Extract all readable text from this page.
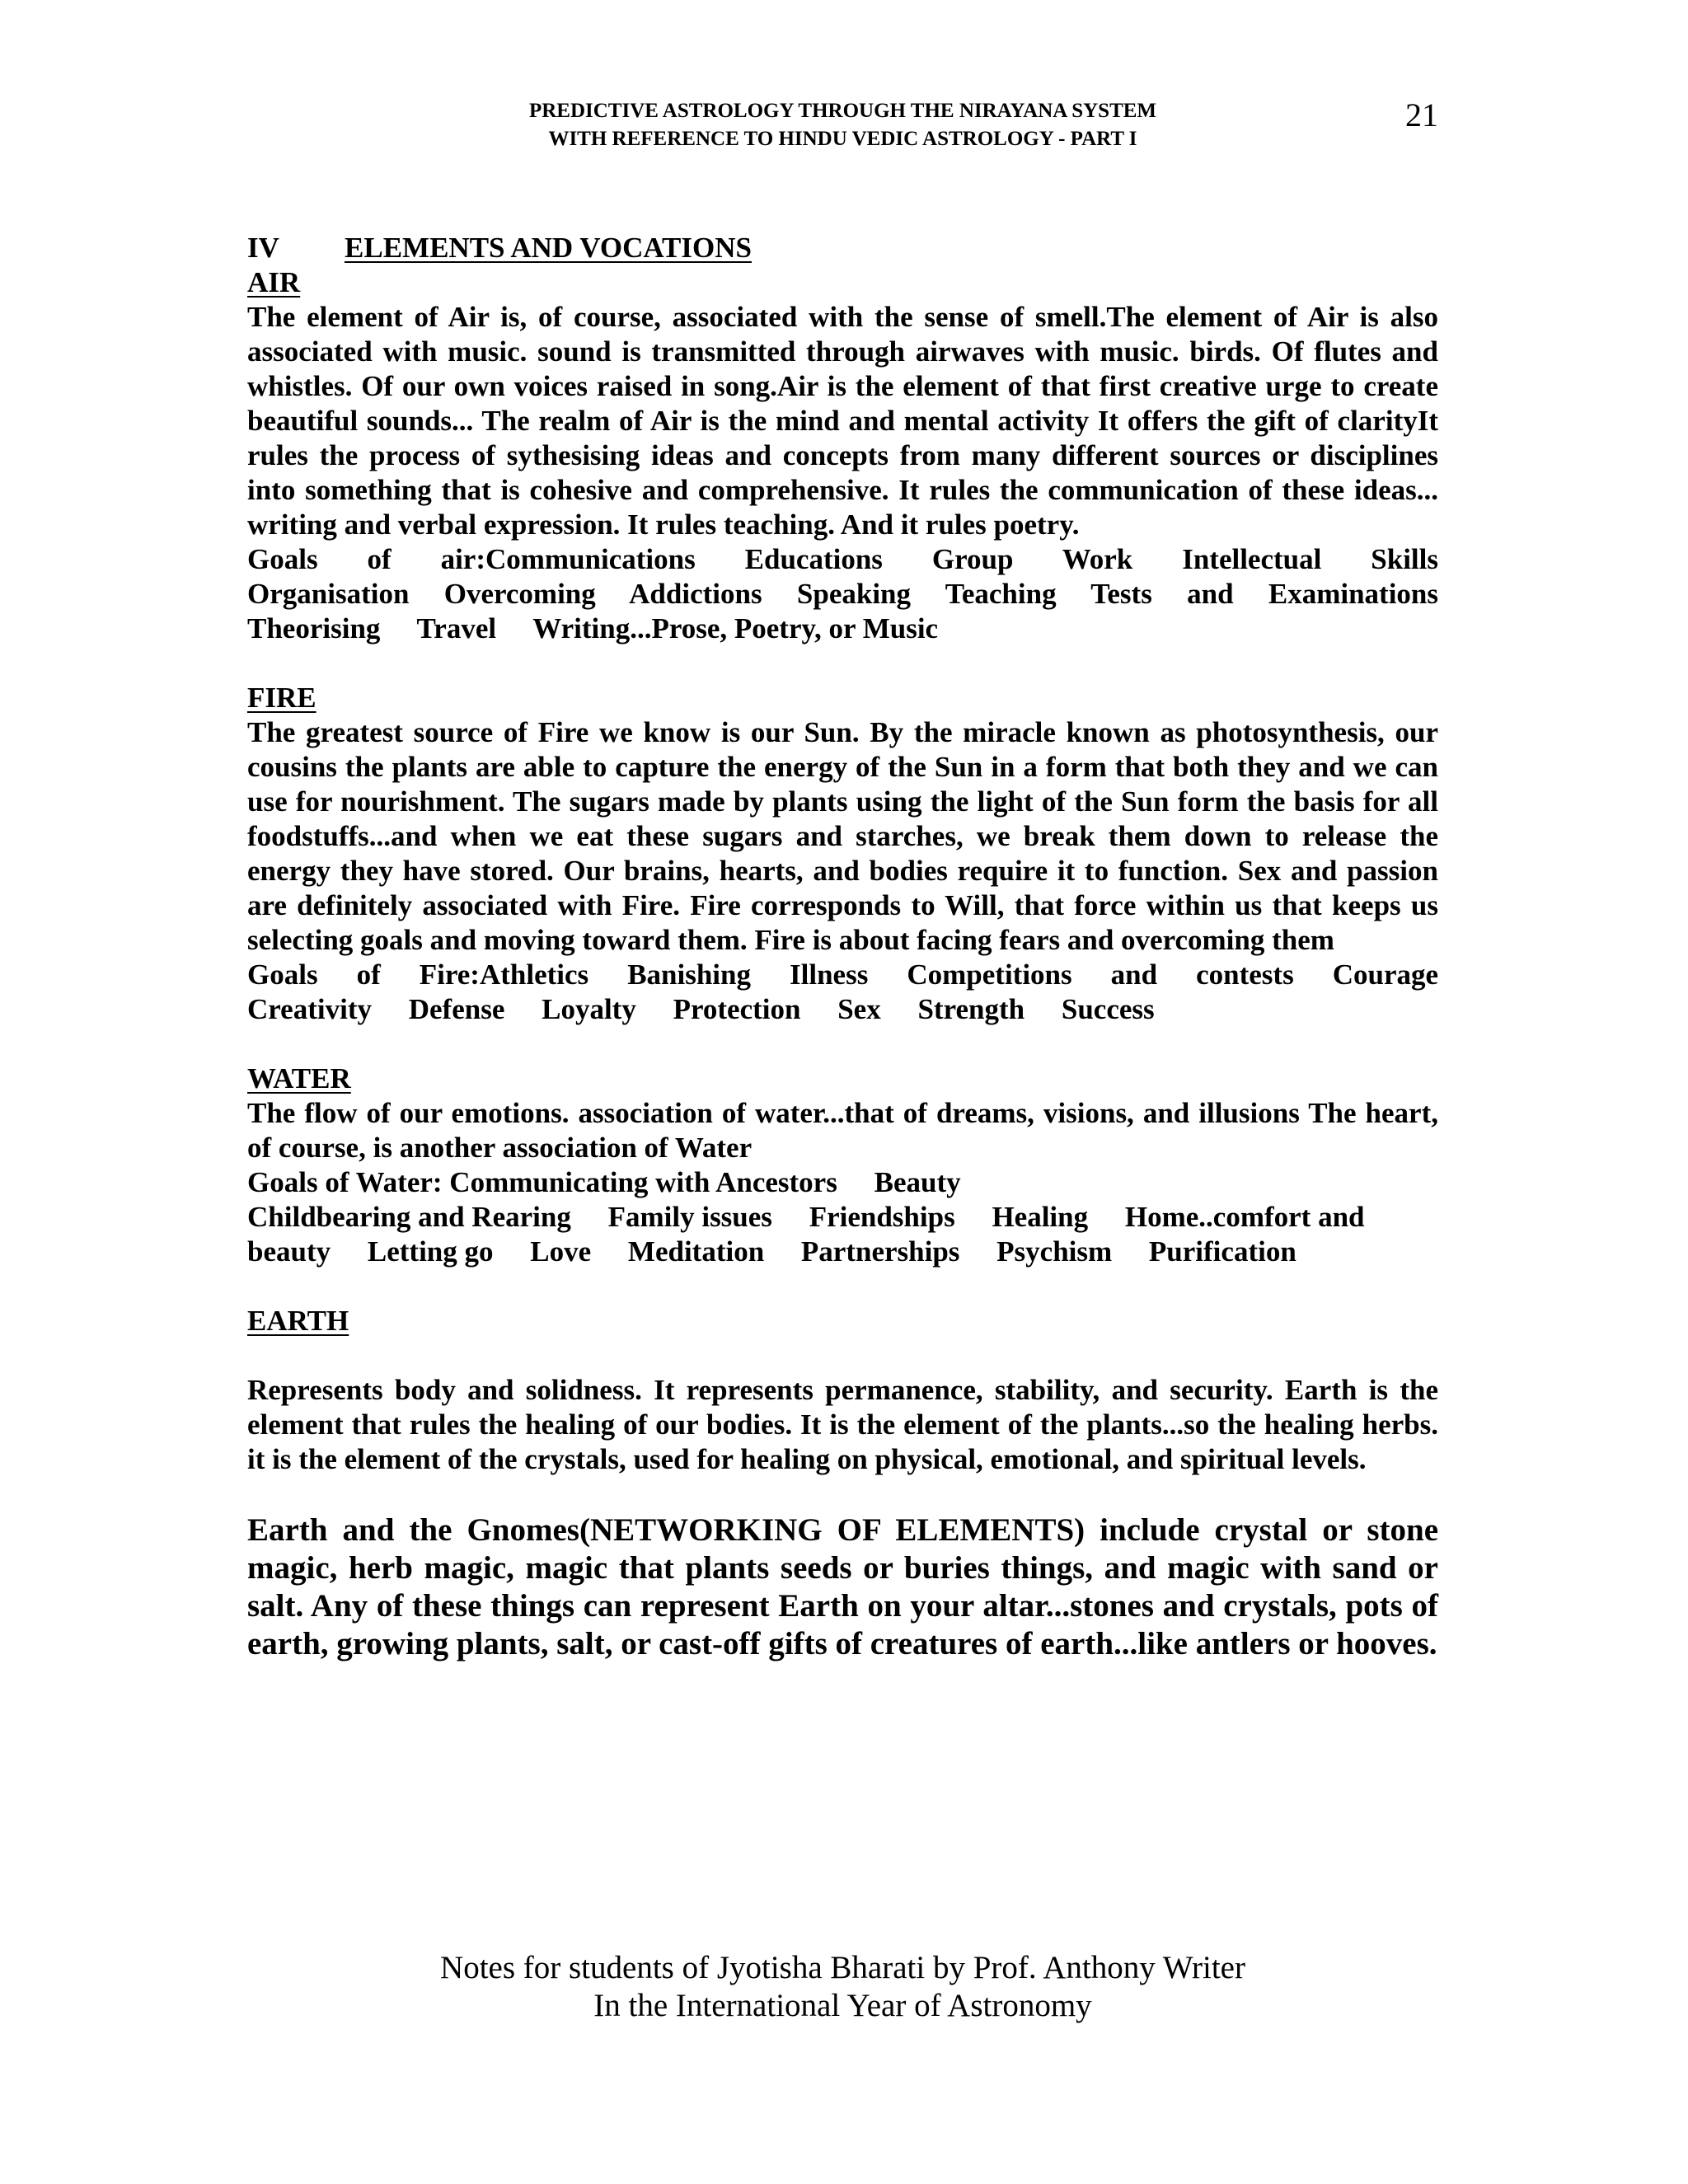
PREDICTIVE ASTROLOGY THROUGH THE NIRAYANA SYSTEM
WITH REFERENCE TO HINDU VEDIC ASTROLOGY - PART I
21
IV	ELEMENTS AND VOCATIONS
AIR

The element of Air is, of course, associated with the sense of smell.The element of Air is also associated with music. sound is transmitted through airwaves with music. birds. Of flutes and whistles. Of our own voices raised in song.Air is the element of that first creative urge to create beautiful sounds... The realm of Air is the mind and mental activity It offers the gift of clarityIt rules the process of sythesising ideas and concepts from many different sources or disciplines into something that is cohesive and comprehensive. It rules the communication of these ideas... writing and verbal expression. It rules teaching. And it rules poetry.

Goals of air:Communications Educations Group Work Intellectual Skills
Organisation Overcoming Addictions Speaking Teaching Tests and Examinations
Theorising Travel Writing...Prose, Poetry, or Music
FIRE

The greatest source of Fire we know is our Sun. By the miracle known as photosynthesis, our cousins the plants are able to capture the energy of the Sun in a form that both they and we can use for nourishment. The sugars made by plants using the light of the Sun form the basis for all foodstuffs...and when we eat these sugars and starches, we break them down to release the energy they have stored. Our brains, hearts, and bodies require it to function. Sex and passion are definitely associated with Fire. Fire corresponds to Will, that force within us that keeps us selecting goals and moving toward them. Fire is about facing fears and overcoming them

Goals of Fire:Athletics Banishing Illness Competitions and contests Courage
Creativity Defense Loyalty Protection Sex Strength Success
WATER

The flow of our emotions. association of water...that of dreams, visions, and illusions The heart, of course, is another association of Water

Goals of Water: Communicating with Ancestors Beauty
Childbearing and Rearing Family issues Friendships Healing Home..comfort and
beauty Letting go Love Meditation Partnerships Psychism Purification
EARTH

Represents body and solidness. It represents permanence, stability, and security. Earth is the element that rules the healing of our bodies. It is the element of the plants...so the healing herbs. it is the element of the crystals, used for healing on physical, emotional, and spiritual levels.

Earth and the Gnomes(NETWORKING OF ELEMENTS) include crystal or stone magic, herb magic, magic that plants seeds or buries things, and magic with sand or salt. Any of these things can represent Earth on your altar...stones and crystals, pots of earth, growing plants, salt, or cast-off gifts of creatures of earth...like antlers or hooves.

Notes for students of Jyotisha Bharati by Prof. Anthony Writer
In the International Year of Astronomy
